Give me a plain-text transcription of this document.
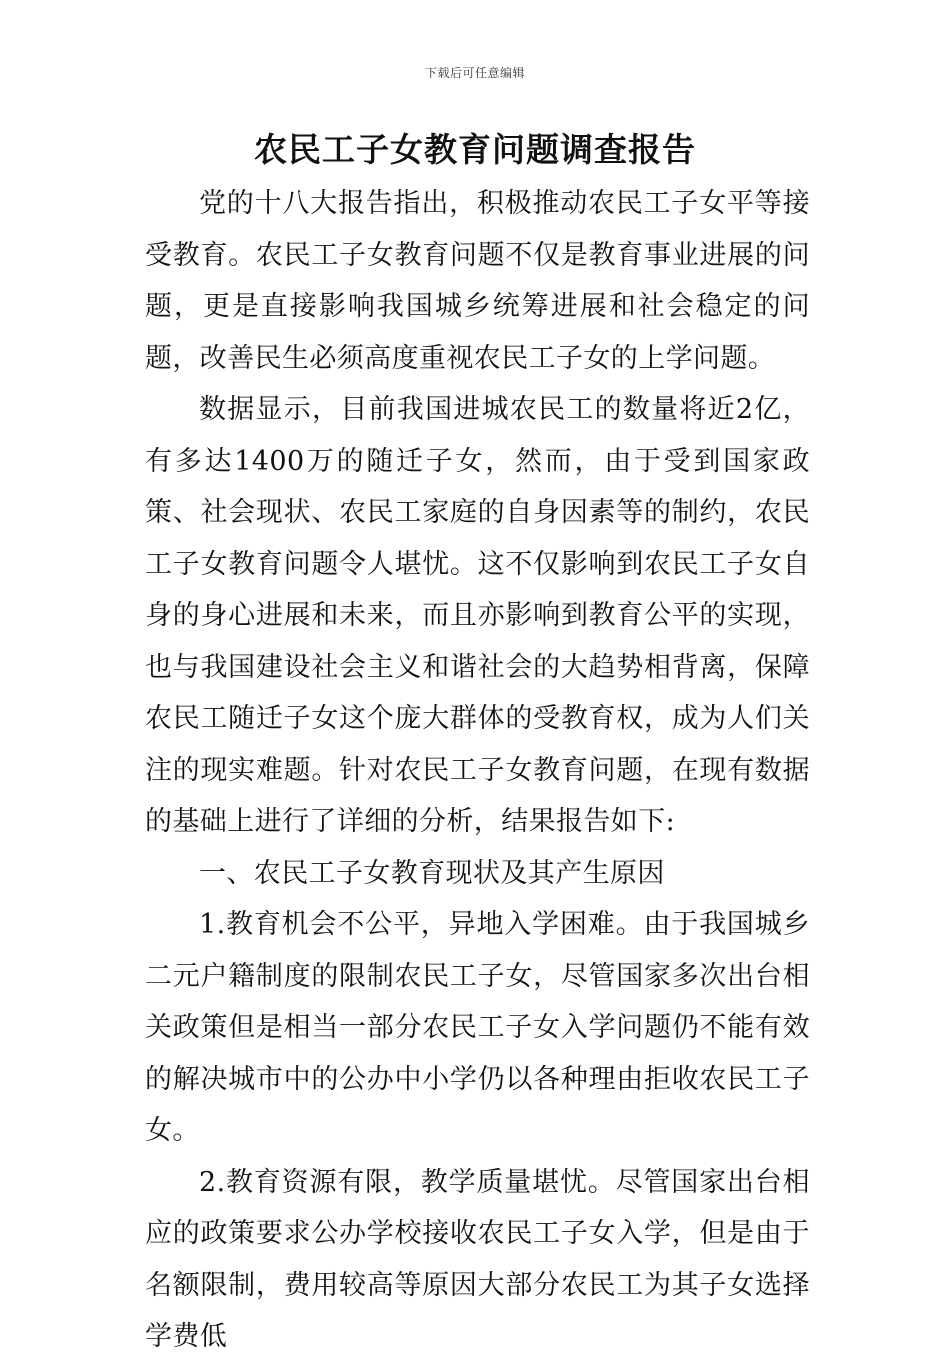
下载后可任意编辑
农民工子女教育问题调查报告

党的十八大报告指出，积极推动农民工子女平等接受教育。农民工子女教育问题不仅是教育事业进展的问题，更是直接影响我国城乡统筹进展和社会稳定的问题，改善民生必须高度重视农民工子女的上学问题。

数据显示，目前我国进城农民工的数量将近2亿，有多达1400万的随迁子女，然而，由于受到国家政策、社会现状、农民工家庭的自身因素等的制约，农民工子女教育问题令人堪忧。这不仅影响到农民工子女自身的身心进展和未来，而且亦影响到教育公平的实现，也与我国建设社会主义和谐社会的大趋势相背离，保障农民工随迁子女这个庞大群体的受教育权，成为人们关注的现实难题。针对农民工子女教育问题，在现有数据的基础上进行了详细的分析，结果报告如下:

一、农民工子女教育现状及其产生原因

1.教育机会不公平，异地入学困难。由于我国城乡二元户籍制度的限制农民工子女，尽管国家多次出台相关政策但是相当一部分农民工子女入学问题仍不能有效的解决城市中的公办中小学仍以各种理由拒收农民工子女。

2.教育资源有限，教学质量堪忧。尽管国家出台相应的政策要求公办学校接收农民工子女入学，但是由于名额限制，费用较高等原因大部分农民工为其子女选择学费低
